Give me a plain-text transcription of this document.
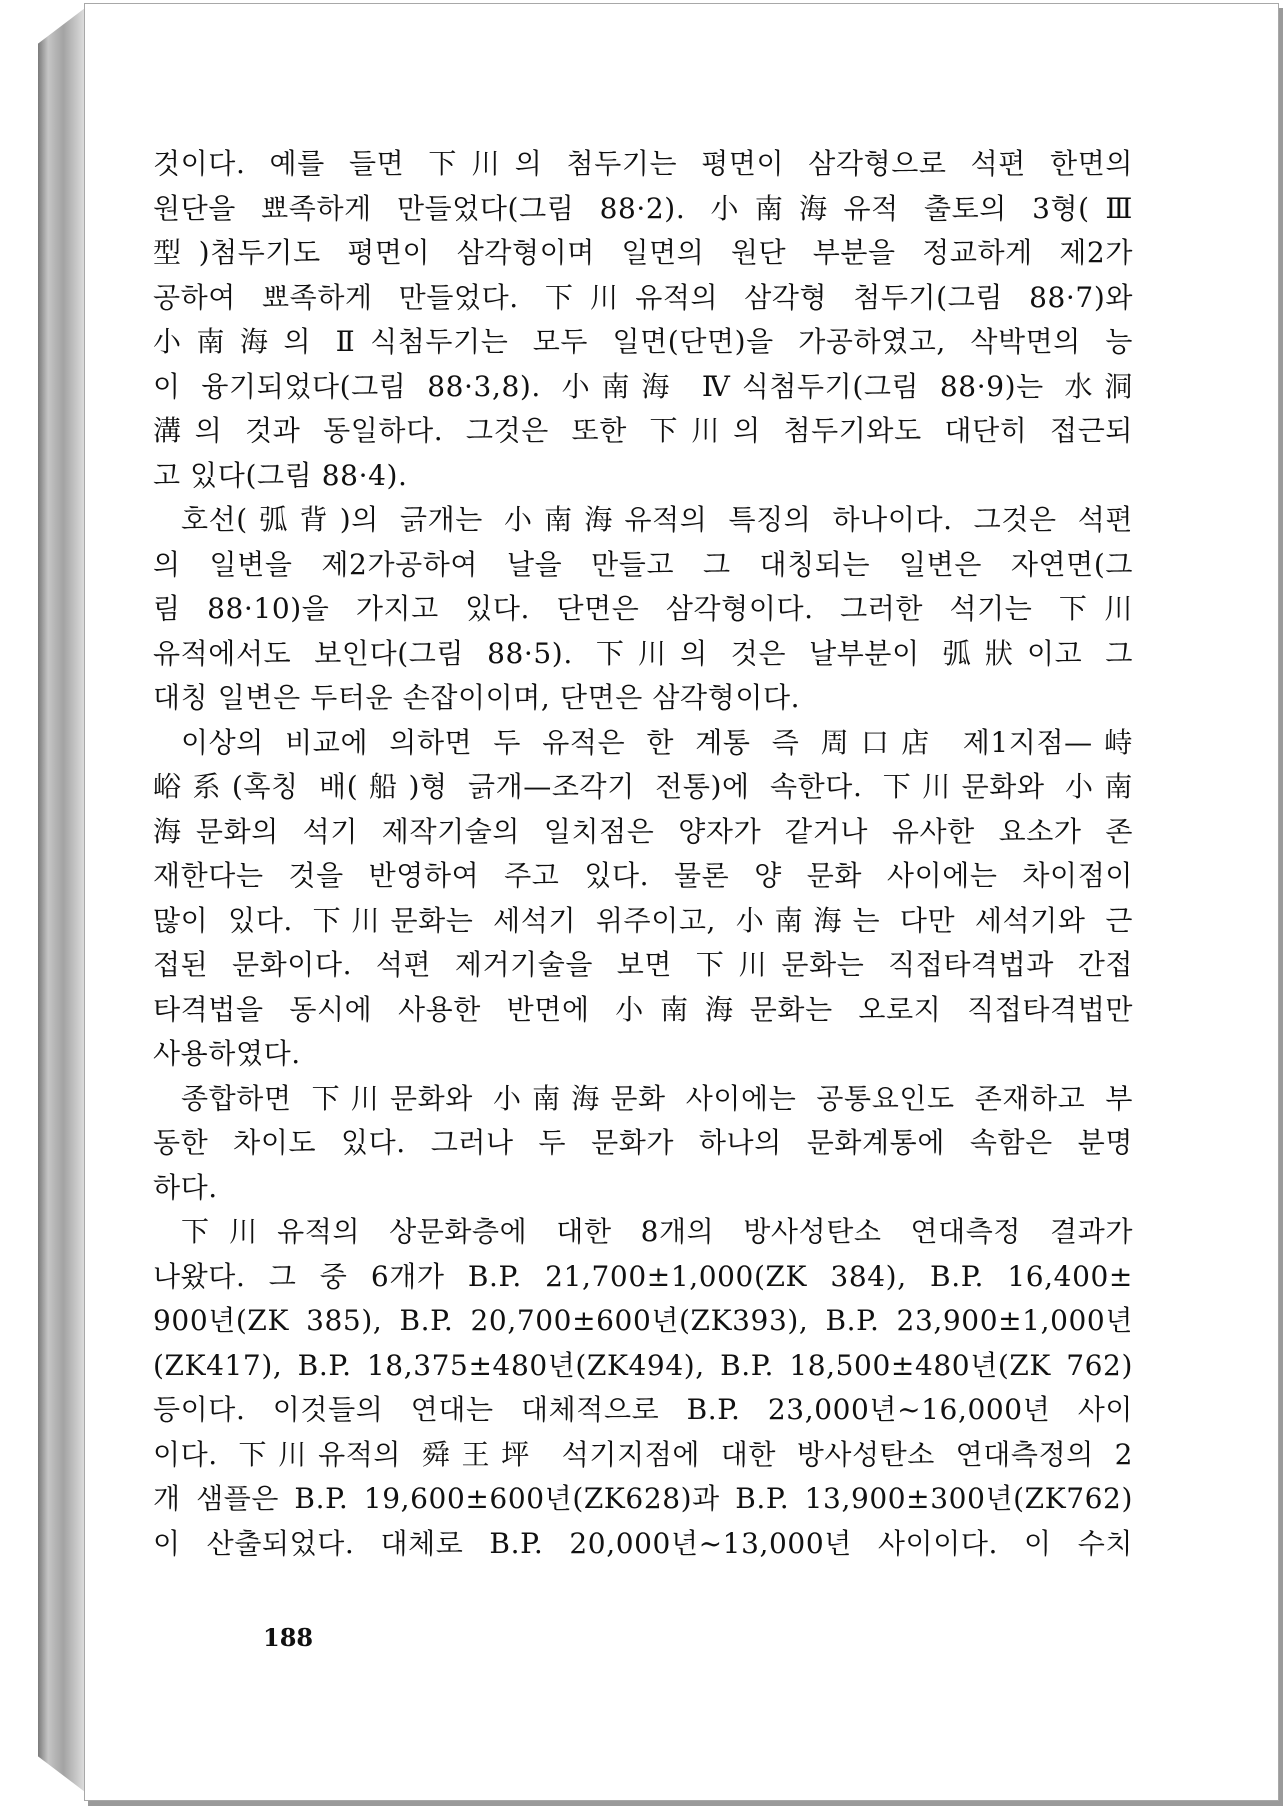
것이다. 예를 들면 下川의 첨두기는 평면이 삼각형으로 석편 한면의
원단을 뾰족하게 만들었다(그림 88·2). 小南海유적 출토의 3형(Ⅲ
型)첨두기도 평면이 삼각형이며 일면의 원단 부분을 정교하게 제2가
공하여 뾰족하게 만들었다. 下川유적의 삼각형 첨두기(그림 88·7)와
小南海의 Ⅱ식첨두기는 모두 일면(단면)을 가공하였고, 삭박면의 능
이 융기되었다(그림 88·3,8). 小南海 Ⅳ식첨두기(그림 88·9)는 水洞
溝의 것과 동일하다. 그것은 또한 下川의 첨두기와도 대단히 접근되
고 있다(그림 88·4).
호선(弧背)의 긁개는 小南海유적의 특징의 하나이다. 그것은 석편
의 일변을 제2가공하여 날을 만들고 그 대칭되는 일변은 자연면(그
림 88·10)을 가지고 있다. 단면은 삼각형이다. 그러한 석기는 下川
유적에서도 보인다(그림 88·5). 下川의 것은 날부분이 弧狀이고 그
대칭 일변은 두터운 손잡이이며, 단면은 삼각형이다.
이상의 비교에 의하면 두 유적은 한 계통 즉 周口店 제1지점—峙
峪系(혹칭 배(船)형 긁개—조각기 전통)에 속한다. 下川문화와 小南
海문화의 석기 제작기술의 일치점은 양자가 같거나 유사한 요소가 존
재한다는 것을 반영하여 주고 있다. 물론 양 문화 사이에는 차이점이
많이 있다. 下川문화는 세석기 위주이고, 小南海는 다만 세석기와 근
접된 문화이다. 석편 제거기술을 보면 下川문화는 직접타격법과 간접
타격법을 동시에 사용한 반면에 小南海문화는 오로지 직접타격법만
사용하였다.
종합하면 下川문화와 小南海문화 사이에는 공통요인도 존재하고 부
동한 차이도 있다. 그러나 두 문화가 하나의 문화계통에 속함은 분명
하다.
下川유적의 상문화층에 대한 8개의 방사성탄소 연대측정 결과가
나왔다. 그 중 6개가 B.P. 21,700±1,000(ZK 384), B.P. 16,400±
900년(ZK 385), B.P. 20,700±600년(ZK393), B.P. 23,900±1,000년
(ZK417), B.P. 18,375±480년(ZK494), B.P. 18,500±480년(ZK 762)
등이다. 이것들의 연대는 대체적으로 B.P. 23,000년~16,000년 사이
이다. 下川유적의 舜王坪 석기지점에 대한 방사성탄소 연대측정의 2
개 샘플은 B.P. 19,600±600년(ZK628)과 B.P. 13,900±300년(ZK762)
이 산출되었다. 대체로 B.P. 20,000년~13,000년 사이이다. 이 수치
188
